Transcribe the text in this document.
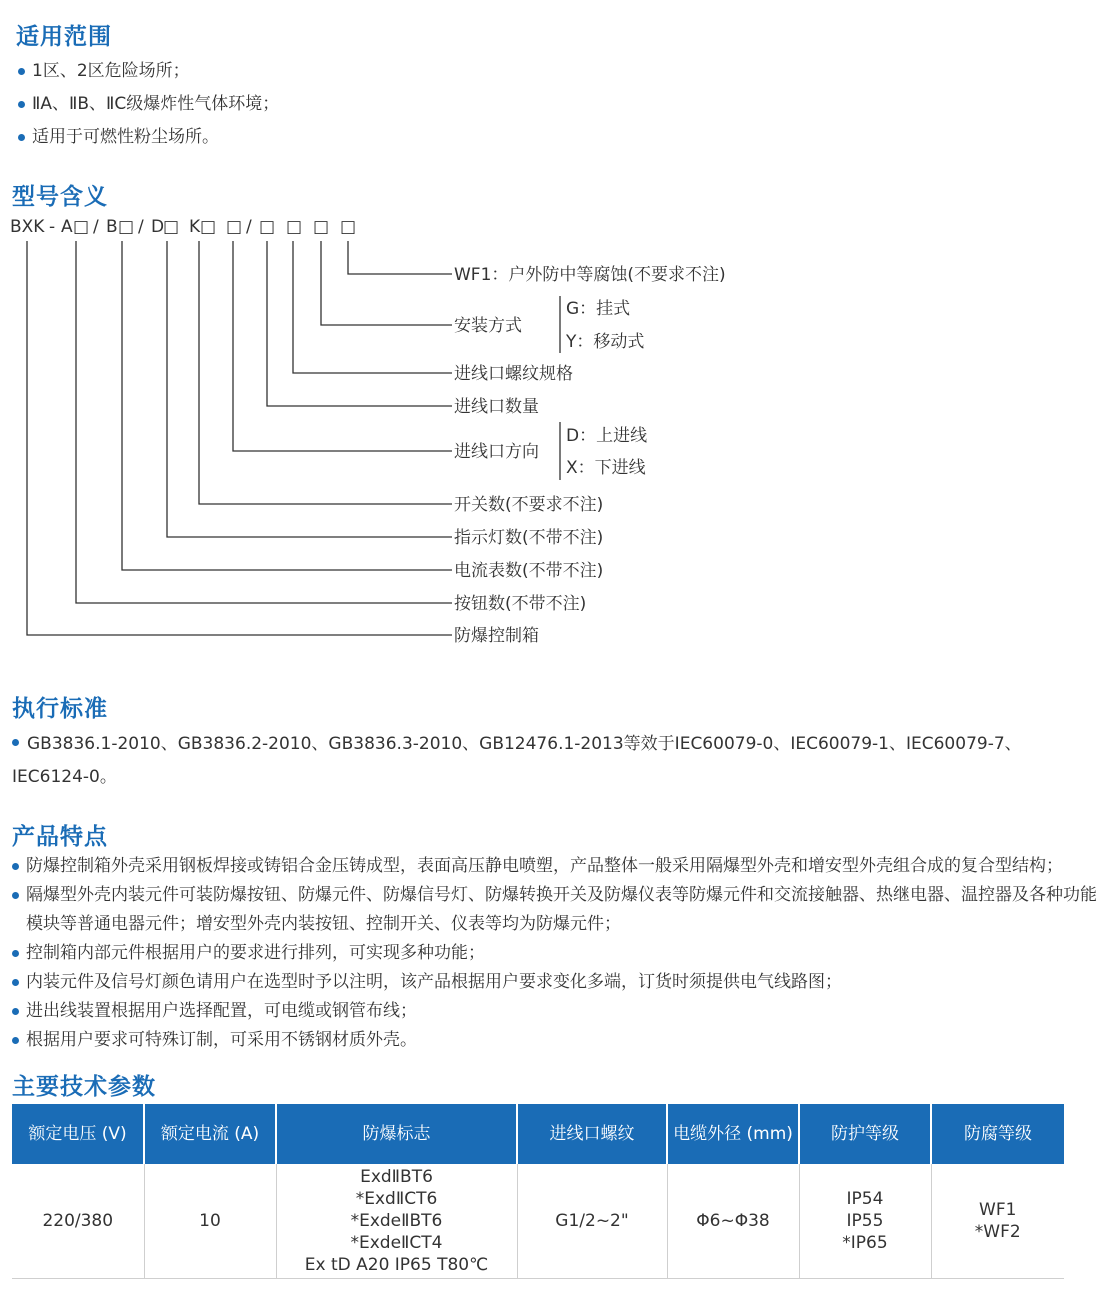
适用范围
1区、2区危险场所；
ⅡA、ⅡB、ⅡC级爆炸性气体环境；
适用于可燃性粉尘场所。
型号含义
BXK - A □ / B □ / D
□ K □ □ / □ □ □ □
WF1：户外防中等腐蚀(不要求不注)
安装方式
G：挂式
Y：移动式
进线口螺纹规格
进线口数量
进线口方向
D：上进线
X：下进线
开关数(不要求不注)
指示灯数(不带不注)
电流表数(不带不注)
按钮数(不带不注)
防爆控制箱
执行标准

GB3836.1-2010、GB3836.2-2010、GB3836.3-2010、GB12476.1-2013等效于IEC60079-0、IEC60079-1、IEC60079-7、IEC6124-0。

产品特点
防爆控制箱外壳采用钢板焊接或铸铝合金压铸成型，表面高压静电喷塑，产品整体一般采用隔爆型外壳和增安型外壳组合成的复合型结构；
隔爆型外壳内装元件可装防爆按钮、防爆元件、防爆信号灯、防爆转换开关及防爆仪表等防爆元件和交流接触器、热继电器、温控器及各种功能模块等普通电器元件；增安型外壳内装按钮、控制开关、仪表等均为防爆元件；
控制箱内部元件根据用户的要求进行排列，可实现多种功能；
内装元件及信号灯颜色请用户在选型时予以注明，该产品根据用户要求变化多端，订货时须提供电气线路图；
进出线装置根据用户选择配置，可电缆或钢管布线；
根据用户要求可特殊订制，可采用不锈钢材质外壳。
主要技术参数
额定电压 (V)	额定电流 (A)	防爆标志	进线口螺纹	电缆外径 (mm)	防护等级	防腐等级
220/380	10	ExdⅡBT6
*ExdⅡCT6
*ExdeⅡBT6
*ExdeⅡCT4
Ex tD A20 IP65 T80℃	G1/2~2"	Φ6~Φ38	IP54
IP55
*IP65	WF1
*WF2
